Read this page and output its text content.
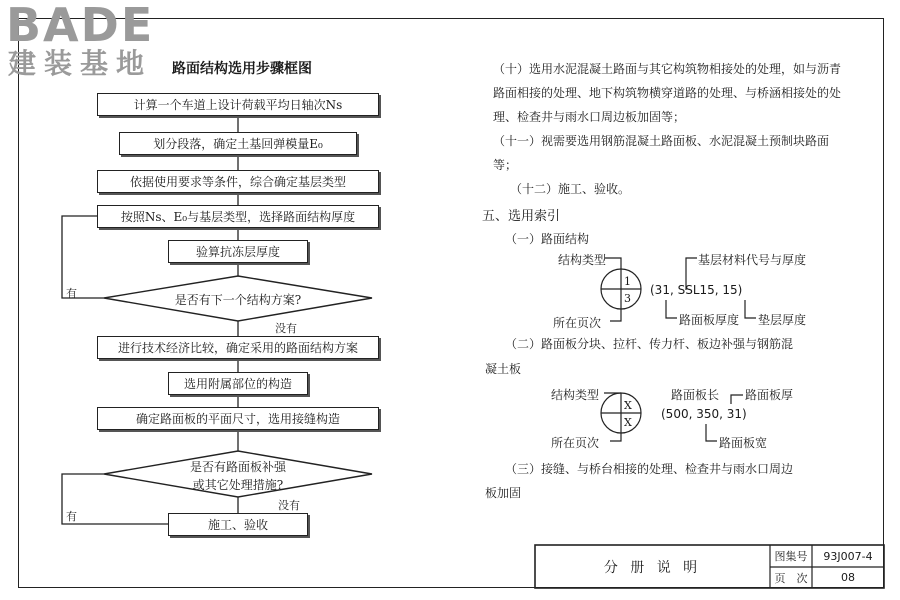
BADE
建装基地 路面结构选用步骤框图
计算一个车道上设计荷载平均日轴次Ns
划分段落，确定土基回弹模量E₀
依据使用要求等条件，综合确定基层类型
按照Ns、E₀与基层类型，选择路面结构厚度
验算抗冻层厚度
进行技术经济比较，确定采用的路面结构方案
选用附属部位的构造
确定路面板的平面尺寸，选用接缝构造
施工、验收
是否有下一个结构方案?
是否有路面板补强
或其它处理措施?
有
没有
没有
有
（十）选用水泥混凝土路面与其它构筑物相接处的处理，如与沥青路面相接的处理、地下构筑物横穿道路的处理、与桥涵相接处的处理、检查井与雨水口周边板加固等；
（十一）视需要选用钢筋混凝土路面板、水泥混凝土预制块路面等；
（十二）施工、验收。
五、选用索引
（一）路面结构
结构类型
1
3
所在页次
(31, SSL15, 15)
基层材料代号与厚度
路面板厚度 垫层厚度
（二）路面板分块、拉杆、传力杆、板边补强与钢筋混
凝土板
结构类型
X
X
所在页次
路面板长 路面板厚
(500, 350, 31)
路面板宽
（三）接缝、与桥台相接的处理、检查井与雨水口周边
板加固
分 册 说 明
图集号	93J007-4
页　次	08
